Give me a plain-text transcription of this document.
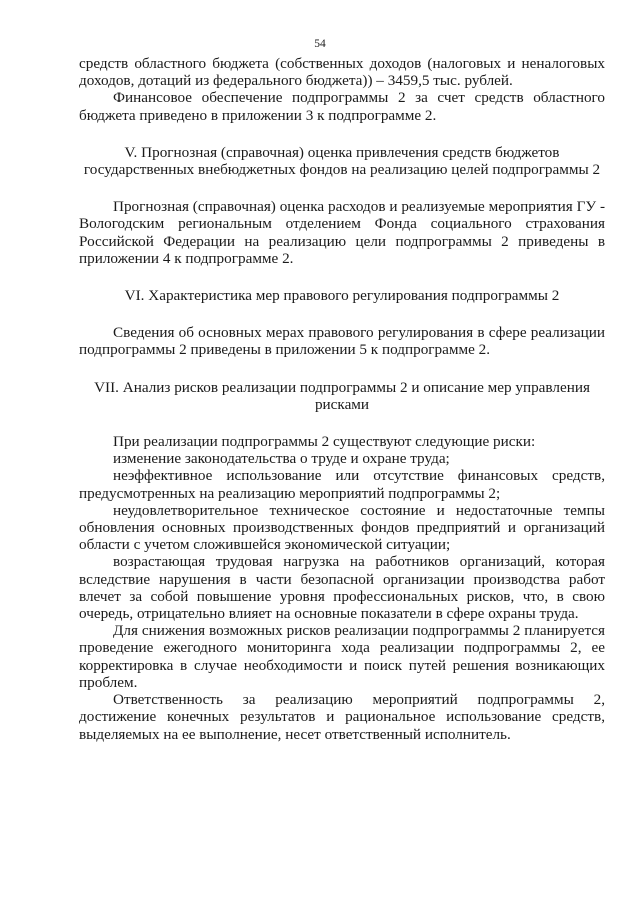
54

средств областного бюджета (собственных доходов (налоговых и неналоговых доходов, дотаций из федерального бюджета)) – 3459,5 тыс. рублей.

Финансовое обеспечение подпрограммы 2 за счет средств областного бюджета приведено в приложении 3 к подпрограмме 2.

V. Прогнозная (справочная) оценка привлечения средств бюджетов государственных внебюджетных фондов на реализацию целей подпрограммы 2

Прогнозная (справочная) оценка расходов и реализуемые мероприятия ГУ - Вологодским региональным отделением Фонда социального страхования Российской Федерации на реализацию цели подпрограммы 2 приведены в приложении 4 к подпрограмме 2.

VI. Характеристика мер правового регулирования подпрограммы 2

Сведения об основных мерах правового регулирования в сфере реализации подпрограммы 2 приведены в приложении 5 к подпрограмме 2.

VII. Анализ рисков реализации подпрограммы 2 и описание мер управления рисками

При реализации подпрограммы 2 существуют следующие риски:

изменение законодательства о труде и охране труда;

неэффективное использование или отсутствие финансовых средств, предусмотренных на реализацию мероприятий подпрограммы 2;

неудовлетворительное техническое состояние и недостаточные темпы обновления основных производственных фондов предприятий и организаций области с учетом сложившейся экономической ситуации;

возрастающая трудовая нагрузка на работников организаций, которая вследствие нарушения в части безопасной организации производства работ влечет за собой повышение уровня профессиональных рисков, что, в свою очередь, отрицательно влияет на основные показатели в сфере охраны труда.

Для снижения возможных рисков реализации подпрограммы 2 планируется проведение ежегодного мониторинга хода реализации подпрограммы 2, ее корректировка в случае необходимости и поиск путей решения возникающих проблем.

Ответственность за реализацию мероприятий подпрограммы 2, достижение конечных результатов и рациональное использование средств, выделяемых на ее выполнение, несет ответственный исполнитель.
